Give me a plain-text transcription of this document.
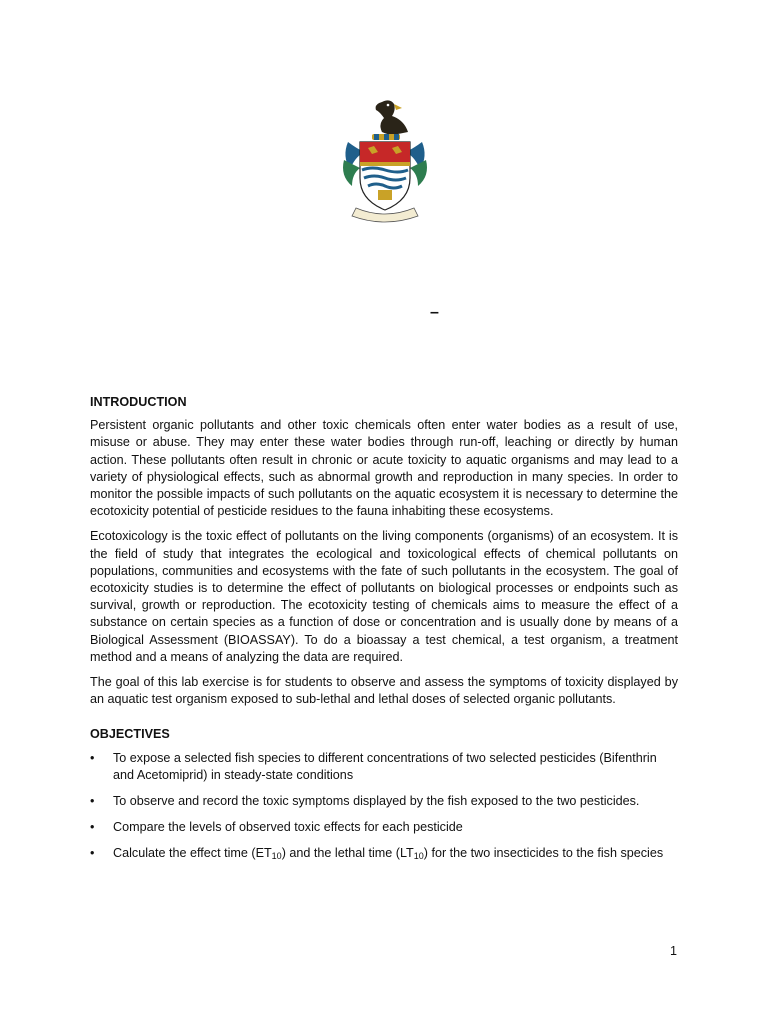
–
INTRODUCTION

Persistent organic pollutants and other toxic chemicals often enter water bodies as a result of use, misuse or abuse. They may enter these water bodies through run-off, leaching or directly by human action. These pollutants often result in chronic or acute toxicity to aquatic organisms and may lead to a variety of physiological effects, such as abnormal growth and reproduction in many species. In order to monitor the possible impacts of such pollutants on the aquatic ecosystem it is necessary to determine the ecotoxicity potential of pesticide residues to the fauna inhabiting these ecosystems.

Ecotoxicology is the toxic effect of pollutants on the living components (organisms) of an ecosystem. It is the field of study that integrates the ecological and toxicological effects of chemical pollutants on populations, communities and ecosystems with the fate of such pollutants in the ecosystem. The goal of ecotoxicity studies is to determine the effect of pollutants on biological processes or endpoints such as survival, growth or reproduction. The ecotoxicity testing of chemicals aims to measure the effect of a substance on certain species as a function of dose or concentration and is usually done by means of a Biological Assessment (BIOASSAY). To do a bioassay a test chemical, a test organism, a treatment method and a means of analyzing the data are required.

The goal of this lab exercise is for students to observe and assess the symptoms of toxicity displayed by an aquatic test organism exposed to sub-lethal and lethal doses of selected organic pollutants.

OBJECTIVES
• To expose a selected fish species to different concentrations of two selected pesticides (Bifenthrin and Acetomiprid) in steady-state conditions
• To observe and record the toxic symptoms displayed by the fish exposed to the two pesticides.
• Compare the levels of observed toxic effects for each pesticide
• Calculate the effect time $(ET_{10})$ and the lethal time $(LT_{10})$ for the two insecticides to the fish species
1
